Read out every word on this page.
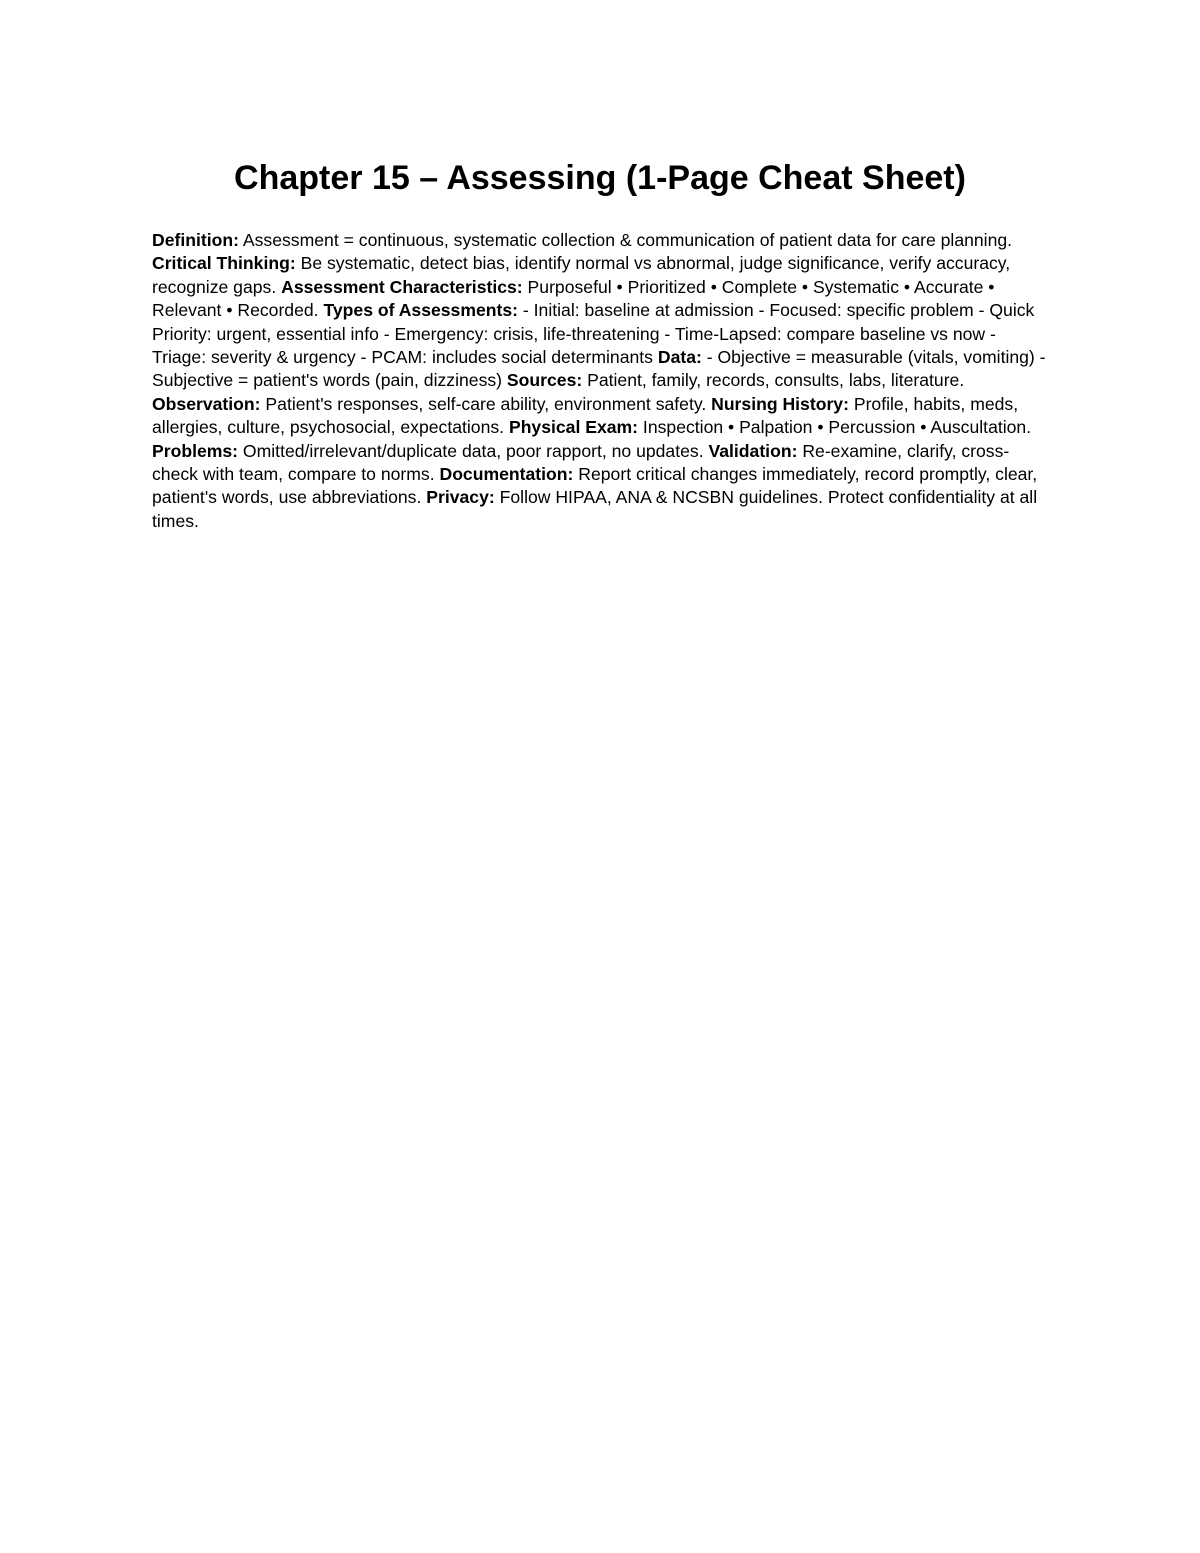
Chapter 15 – Assessing (1-Page Cheat Sheet)

Definition: Assessment = continuous, systematic collection & communication of patient data for care planning. Critical Thinking: Be systematic, detect bias, identify normal vs abnormal, judge significance, verify accuracy, recognize gaps. Assessment Characteristics: Purposeful • Prioritized • Complete • Systematic • Accurate • Relevant • Recorded. Types of Assessments: - Initial: baseline at admission - Focused: specific problem - Quick Priority: urgent, essential info - Emergency: crisis, life-threatening - Time-Lapsed: compare baseline vs now - Triage: severity & urgency - PCAM: includes social determinants Data: - Objective = measurable (vitals, vomiting) - Subjective = patient's words (pain, dizziness) Sources: Patient, family, records, consults, labs, literature. Observation: Patient's responses, self-care ability, environment safety. Nursing History: Profile, habits, meds, allergies, culture, psychosocial, expectations. Physical Exam: Inspection • Palpation • Percussion • Auscultation. Problems: Omitted/irrelevant/duplicate data, poor rapport, no updates. Validation: Re-examine, clarify, cross-check with team, compare to norms. Documentation: Report critical changes immediately, record promptly, clear, patient's words, use abbreviations. Privacy: Follow HIPAA, ANA & NCSBN guidelines. Protect confidentiality at all times.
